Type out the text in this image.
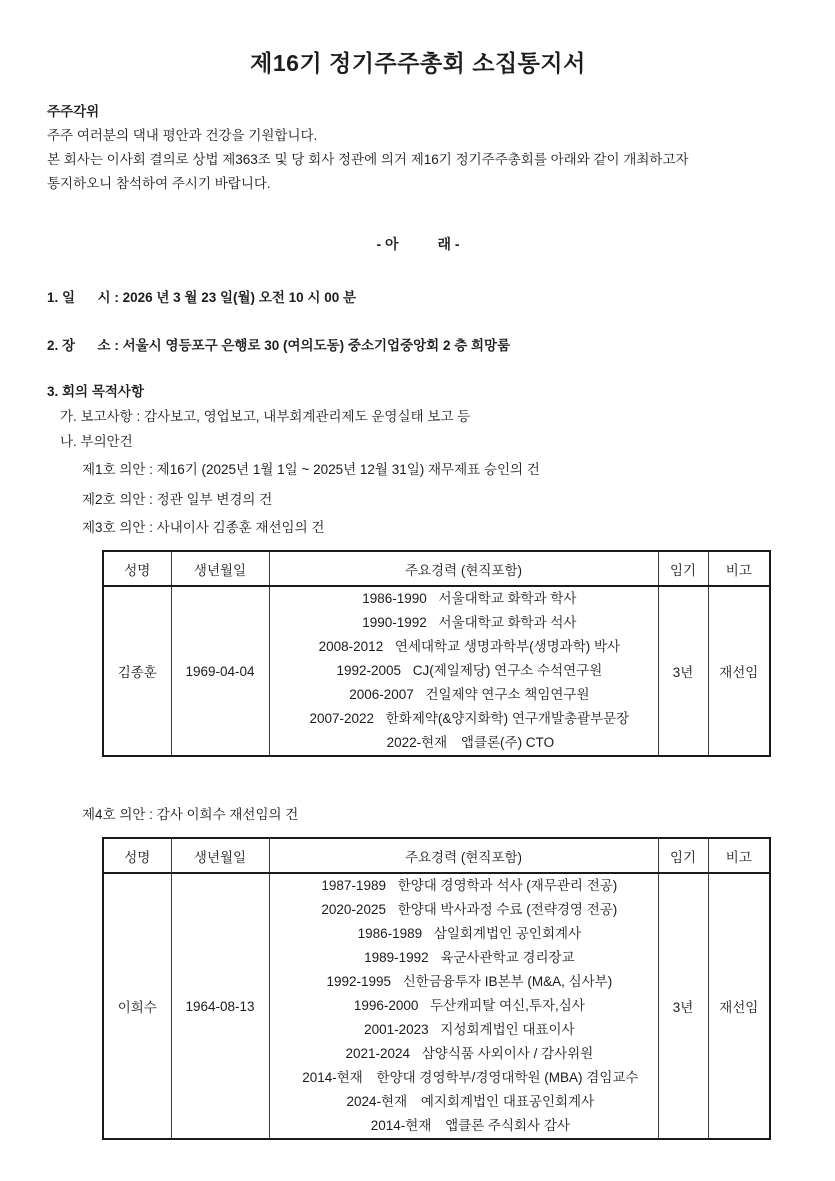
제16기 정기주주총회 소집통지서

주주각위

주주 여러분의 댁내 평안과 건강을 기원합니다.

본 회사는 이사회 결의로 상법 제363조 및 당 회사 정관에 의거 제16기 정기주주총회를 아래와 같이 개최하고자

통지하오니 참석하여 주시기 바랍니다.

- 아          래 -
1. 일      시 : 2026 년 3 월 23 일(월) 오전 10 시 00 분
2. 장      소 : 서울시 영등포구 은행로 30 (여의도동) 중소기업중앙회 2 층 희망룸
3. 회의 목적사항
가. 보고사항 : 감사보고, 영업보고, 내부회계관리제도 운영실태 보고 등
나. 부의안건
제1호 의안 : 제16기 (2025년 1월 1일 ~ 2025년 12월 31일) 재무제표 승인의 건
제2호 의안 : 정관 일부 변경의 건
제3호 의안 : 사내이사 김종훈 재선임의 건
성명	생년월일	주요경력 (현직포함)	임기	비고
김종훈	1969-04-04	
1986-1990 서울대학교 화학과 학사
1990-1992 서울대학교 화학과 석사
2008-2012 연세대학교 생명과학부(생명과학) 박사
1992-2005 CJ(제일제당) 연구소 수석연구원
2006-2007 건일제약 연구소 책임연구원
2007-2022 한화제약(&양지화학) 연구개발총괄부문장
2022-현재 앱클론(주) CTO
	3년	재선임
제4호 의안 : 감사 이희수 재선임의 건
성명	생년월일	주요경력 (현직포함)	임기	비고
이희수	1964-08-13	
1987-1989 한양대 경영학과 석사 (재무관리 전공)
2020-2025 한양대 박사과정 수료 (전략경영 전공)
1986-1989 삼일회계법인 공인회계사
1989-1992 육군사관학교 경리장교
1992-1995 신한금융투자 IB본부 (M&A, 심사부)
1996-2000 두산캐피탈 여신,투자,심사
2001-2023 지성회계법인 대표이사
2021-2024 삼양식품 사외이사 / 감사위원
2014-현재 한양대 경영학부/경영대학원 (MBA) 겸임교수
2024-현재 예지회계법인 대표공인회계사
2014-현재 앱클론 주식회사 감사
	3년	재선임
